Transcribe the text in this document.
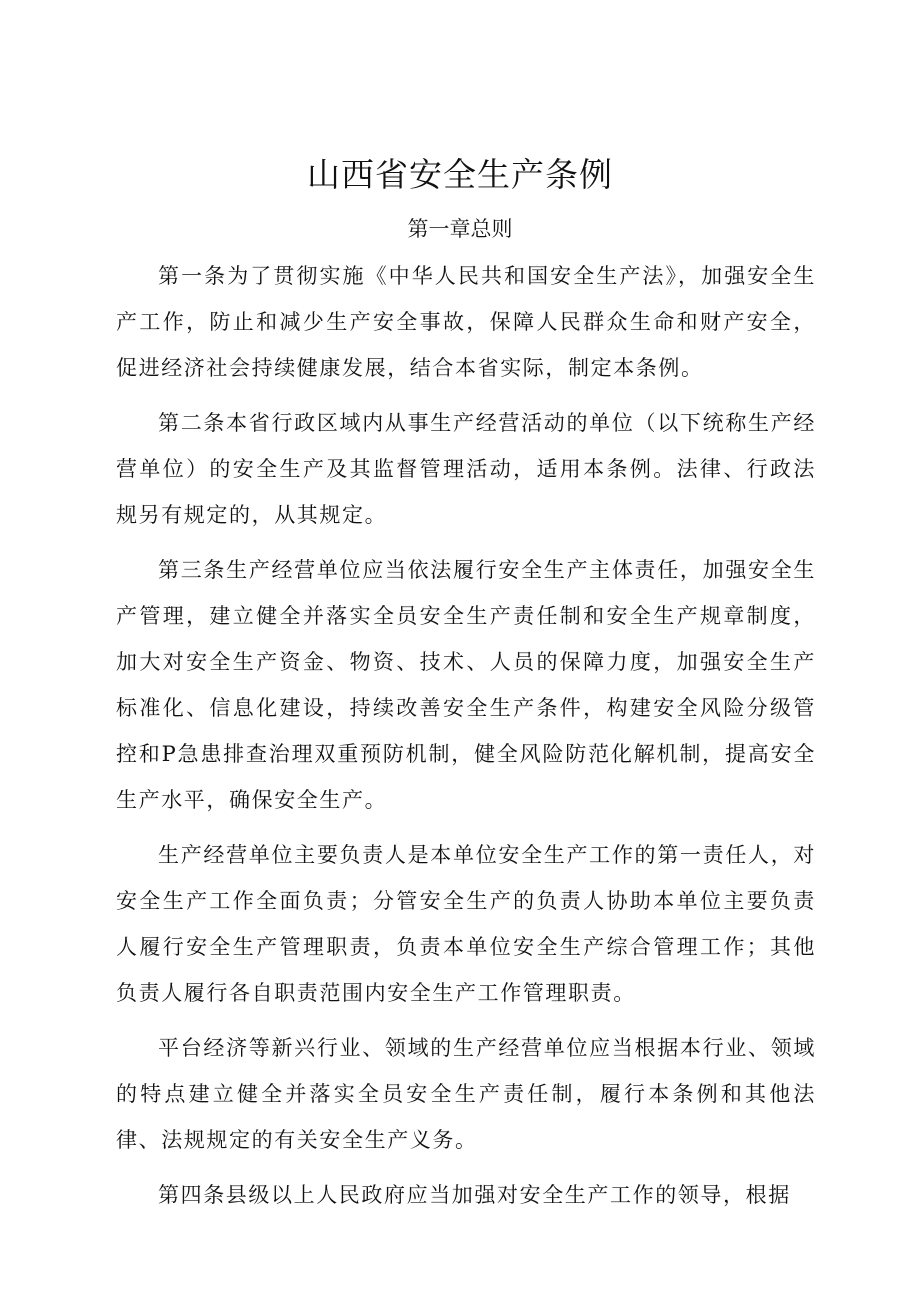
山西省安全生产条例
第一章总则

第一条为了贯彻实施《中华人民共和国安全生产法》，加强安全生产工作，防止和减少生产安全事故，保障人民群众生命和财产安全，促进经济社会持续健康发展，结合本省实际，制定本条例。

第二条本省行政区域内从事生产经营活动的单位（以下统称生产经营单位）的安全生产及其监督管理活动，适用本条例。法律、行政法规另有规定的，从其规定。

第三条生产经营单位应当依法履行安全生产主体责任，加强安全生产管理，建立健全并落实全员安全生产责任制和安全生产规章制度，加大对安全生产资金、物资、技术、人员的保障力度，加强安全生产标准化、信息化建设，持续改善安全生产条件，构建安全风险分级管控和P急患排查治理双重预防机制，健全风险防范化解机制，提高安全生产水平，确保安全生产。

生产经营单位主要负责人是本单位安全生产工作的第一责任人，对安全生产工作全面负责；分管安全生产的负责人协助本单位主要负责人履行安全生产管理职责，负责本单位安全生产综合管理工作；其他负责人履行各自职责范围内安全生产工作管理职责。

平台经济等新兴行业、领域的生产经营单位应当根据本行业、领域的特点建立健全并落实全员安全生产责任制，履行本条例和其他法律、法规规定的有关安全生产义务。

第四条县级以上人民政府应当加强对安全生产工作的领导，根据
